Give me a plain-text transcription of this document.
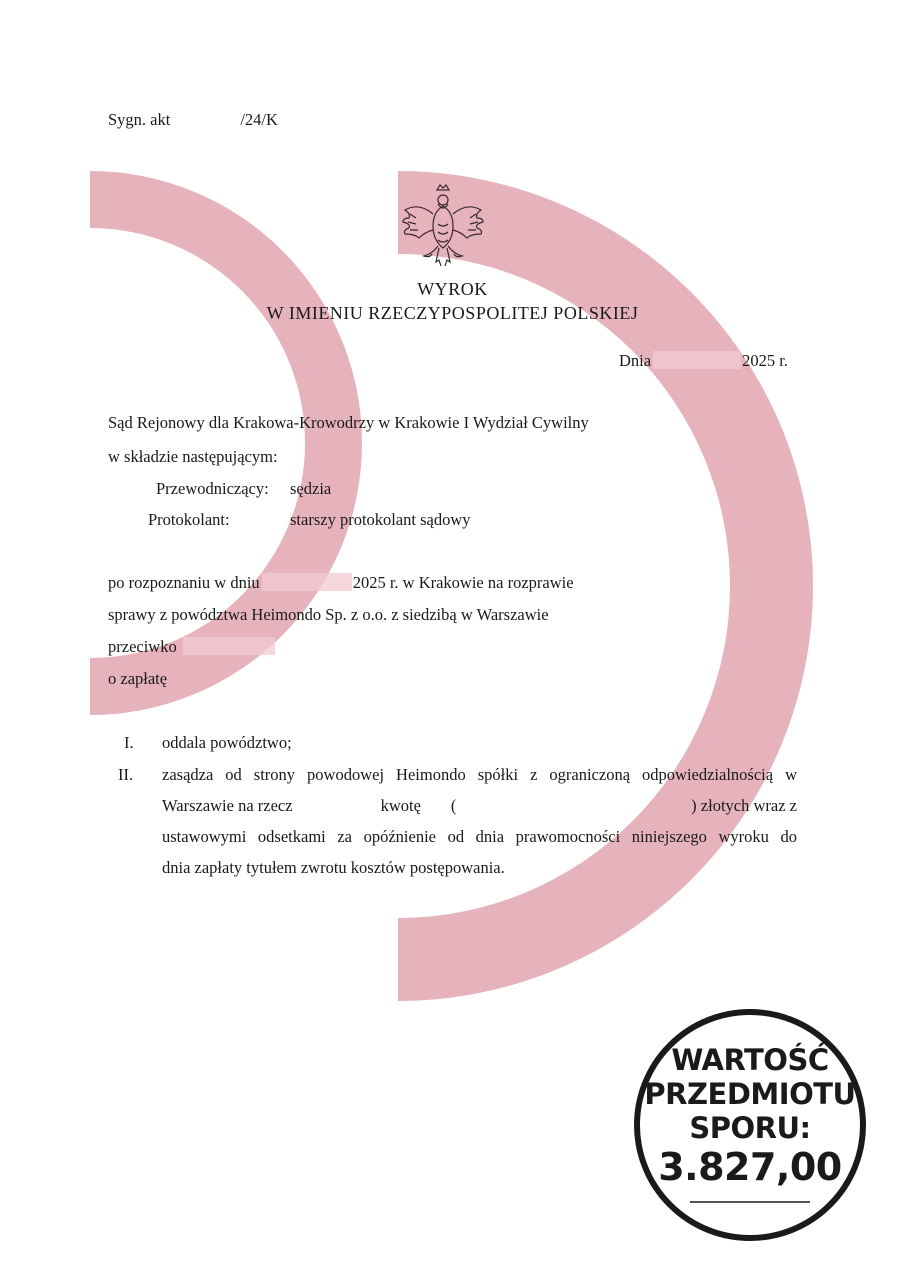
Sygn. akt	/24/K
WYROK
W IMIENIU RZECZYPOSPOLITEJ POLSKIEJ
Dnia	2025 r.
Sąd Rejonowy dla Krakowa-Krowodrzy w Krakowie I Wydział Cywilny
w składzie następującym:
Przewodniczący: sędzia
Protokolant:	starszy protokolant sądowy
po rozpoznaniu w dniu	2025 r. w Krakowie na rozprawie
sprawy z powództwa Heimondo Sp. z o.o. z siedzibą w Warszawie
przeciwko
o zapłatę
I. oddala powództwo;
II. zasądza od strony powodowej Heimondo spółki z ograniczoną odpowiedzialnością w
Warszawie na rzecz	kwotę (	) złotych wraz z
ustawowymi odsetkami za opóźnienie od dnia prawomocności niniejszego wyroku do
dnia zapłaty tytułem zwrotu kosztów postępowania.
WARTOŚĆ
PRZEDMIOTU
SPORU:
3.827,00
